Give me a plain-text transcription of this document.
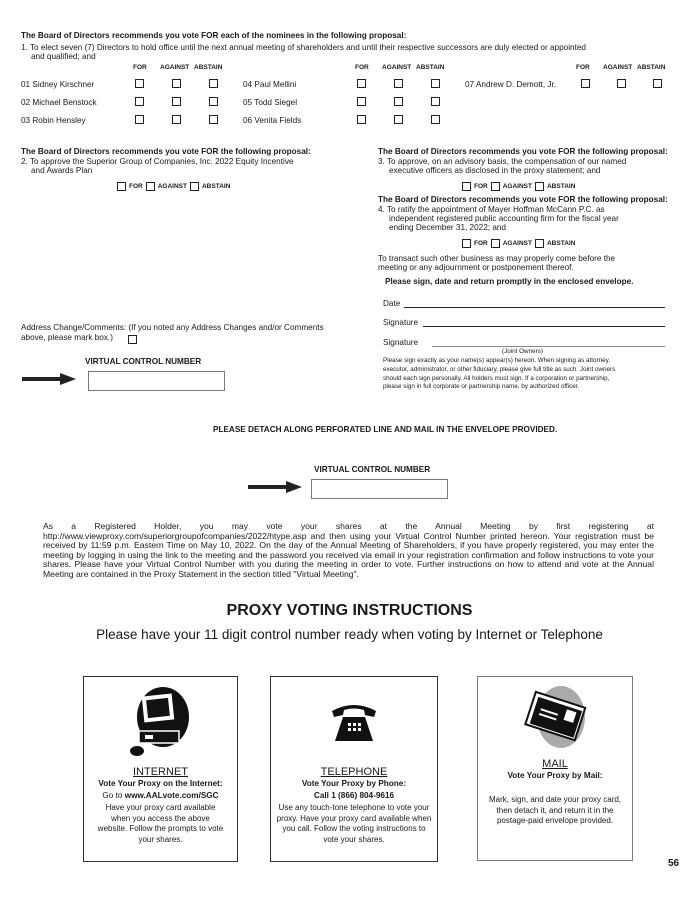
The Board of Directors recommends you vote FOR each of the nominees in the following proposal:
1. To elect seven (7) Directors to hold office until the next annual meeting of shareholders and until their respective successors are duly elected or appointed
and qualified; and
FOR AGAINST ABSTAIN	FOR AGAINST ABSTAIN	FOR AGAINST ABSTAIN
01 Sidney Kirschner
02 Michael Benstock
03 Robin Hensley
04 Paul Mellini
05 Todd Siegel
06 Venita Fields
07 Andrew D. Demott, Jr.
The Board of Directors recommends you vote FOR the following proposal:
2. To approve the Superior Group of Companies, Inc. 2022 Equity Incentive
and Awards Plan
FOR AGAINST ABSTAIN
The Board of Directors recommends you vote FOR the following proposal:
3. To approve, on an advisory basis, the compensation of our named
executive officers as disclosed in the proxy statement; and
FOR AGAINST ABSTAIN
The Board of Directors recommends you vote FOR the following proposal:
4. To ratify the appointment of Mayer Hoffman McCann P.C. as
independent registered public accounting firm for the fiscal year
ending December 31, 2022; and
FOR AGAINST ABSTAIN
To transact such other business as may properly come before the
meeting or any adjournment or postponement thereof.
Please sign, date and return promptly in the enclosed envelope.
Date
Signature
Signature
(Joint Owners)
Please sign exactly as your name(s) appear(s) hereon. When signing as attorney,
executor, administrator, or other fiduciary, please give full title as such. Joint owners
should each sign personally. All holders must sign. If a corporation or partnership,
please sign in full corporate or partnership name, by authorized officer.
Address Change/Comments: (If you noted any Address Changes and/or Comments
above, please mark box.)
VIRTUAL CONTROL NUMBER
PLEASE DETACH ALONG PERFORATED LINE AND MAIL IN THE ENVELOPE PROVIDED.
VIRTUAL CONTROL NUMBER
As a Registered Holder, you may vote your shares at the Annual Meeting by first registering at http://www.viewproxy.com/superiorgroupofcompanies/2022/htype.asp and then using your Virtual Control Number printed hereon. Your registration must be received by 11:59 p.m. Eastern Time on May 10, 2022. On the day of the Annual Meeting of Shareholders, if you have properly registered, you may enter the meeting by logging in using the link to the meeting and the password you received via email in your registration confirmation and follow instructions to vote your shares. Please have your Virtual Control Number with you during the meeting in order to vote. Further instructions on how to attend and vote at the Annual Meeting are contained in the Proxy Statement in the section titled "Virtual Meeting".
PROXY VOTING INSTRUCTIONS
Please have your 11 digit control number ready when voting by Internet or Telephone
INTERNET
Vote Your Proxy on the Internet:
Go to www.AALvote.com/SGC
Have your proxy card available when you access the above website. Follow the prompts to vote your shares.
TELEPHONE
Vote Your Proxy by Phone:
Call 1 (866) 804-9616
Use any touch-tone telephone to vote your proxy. Have your proxy card available when you call. Follow the voting instructions to vote your shares.
MAIL
Vote Your Proxy by Mail:
Mark, sign, and date your proxy card, then detach it, and return it in the postage-paid envelope provided.
56
